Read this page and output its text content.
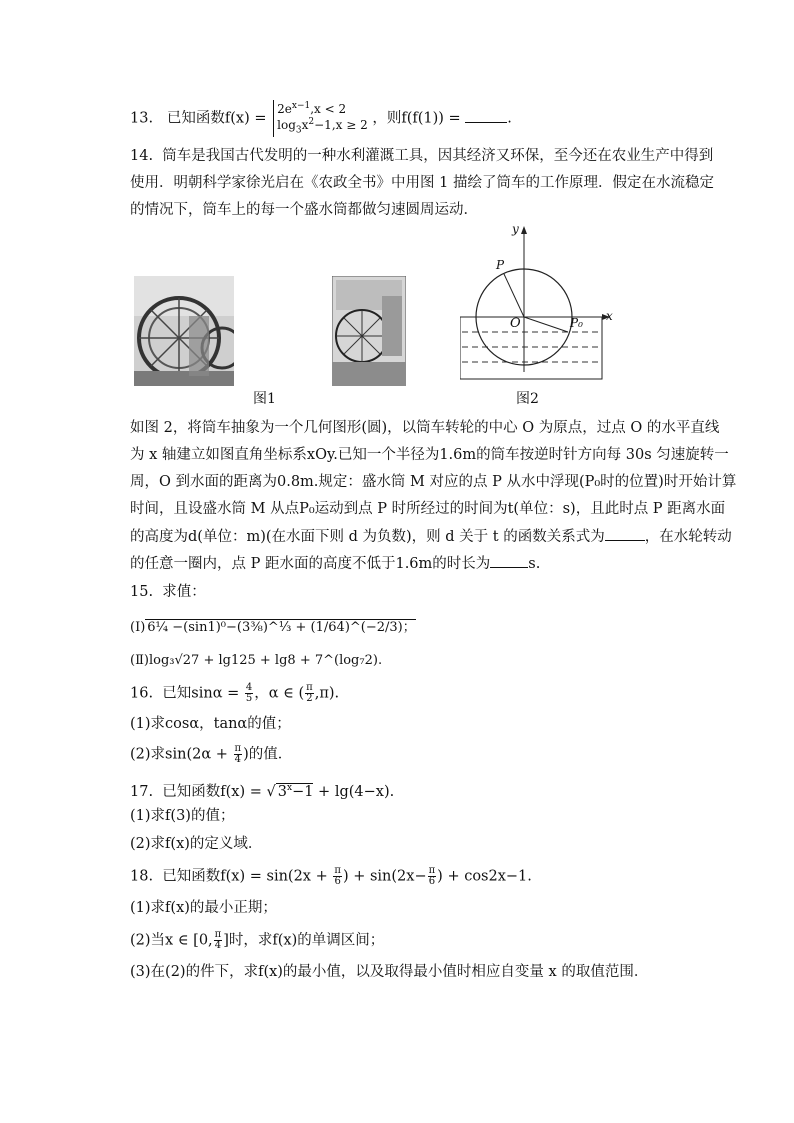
13. 已知函数f(x) =
$2e^{x-1},x < 2$
$\log_3x^2-1,x \ge 2$ ，则f(f(1)) =	.
14. 筒车是我国古代发明的一种水利灌溉工具，因其经济又环保，至今还在农业生产中得到
使用．明朝科学家徐光启在《农政全书》中用图 1 描绘了筒车的工作原理．假定在水流稳定
的情况下，筒车上的每一个盛水筒都做匀速圆周运动．
图1
y
x
P
O	P₀
图2
如图 2，将筒车抽象为一个几何图形(圆)，以筒车转轮的中心 O 为原点，过点 O 的水平直线
为 x 轴建立如图直角坐标系xOy.已知一个半径为1.6m的筒车按逆时针方向每 30s 匀速旋转一
周，O 到水面的距离为0.8m.规定：盛水筒 M 对应的点 P 从水中浮现(P₀时的位置)时开始计算
时间，且设盛水筒 M 从点P₀运动到点 P 时所经过的时间为t(单位：s)，且此时点 P 距离水面
的高度为d(单位：m)(在水面下则 d 为负数)，则 d 关于 t 的函数关系式为	，在水轮转动
的任意一圈内，点 P 距水面的高度不低于1.6m的时长为	s.
15. 求值：
(Ⅰ) 6¼ −(sin1)⁰−(3⅜)^⅓ + (1/64)^(−2/3)；
(Ⅱ)log₃√27 + lg125 + lg8 + 7^(log₇2).
16. 已知$\sin\alpha = \frac{4}{5}$ ，α ∈ ( $\frac{\pi}{2} ,\pi$).
(1)求cosα，tanα的值；
(2)求$\sin(2\alpha + \frac{\pi}{4}$ )的值．
17. 已知函数f(x) = √ $3^x-1 + \lg(4-x)$.
(1)求f(3)的值；
(2)求f(x)的定义域．
18. 已知函数$f(x) = \sin(2x + \frac{\pi}{6}$ ) + $\sin(2x- \frac{\pi}{6}$ ) + cos2x−1.
(1)求f(x)的最小正期；
(2)当x ∈ [0, $\frac{\pi}{4}$ ]时，求f(x)的单调区间；
(3)在(2)的件下，求f(x)的最小值，以及取得最小值时相应自变量 x 的取值范围．
